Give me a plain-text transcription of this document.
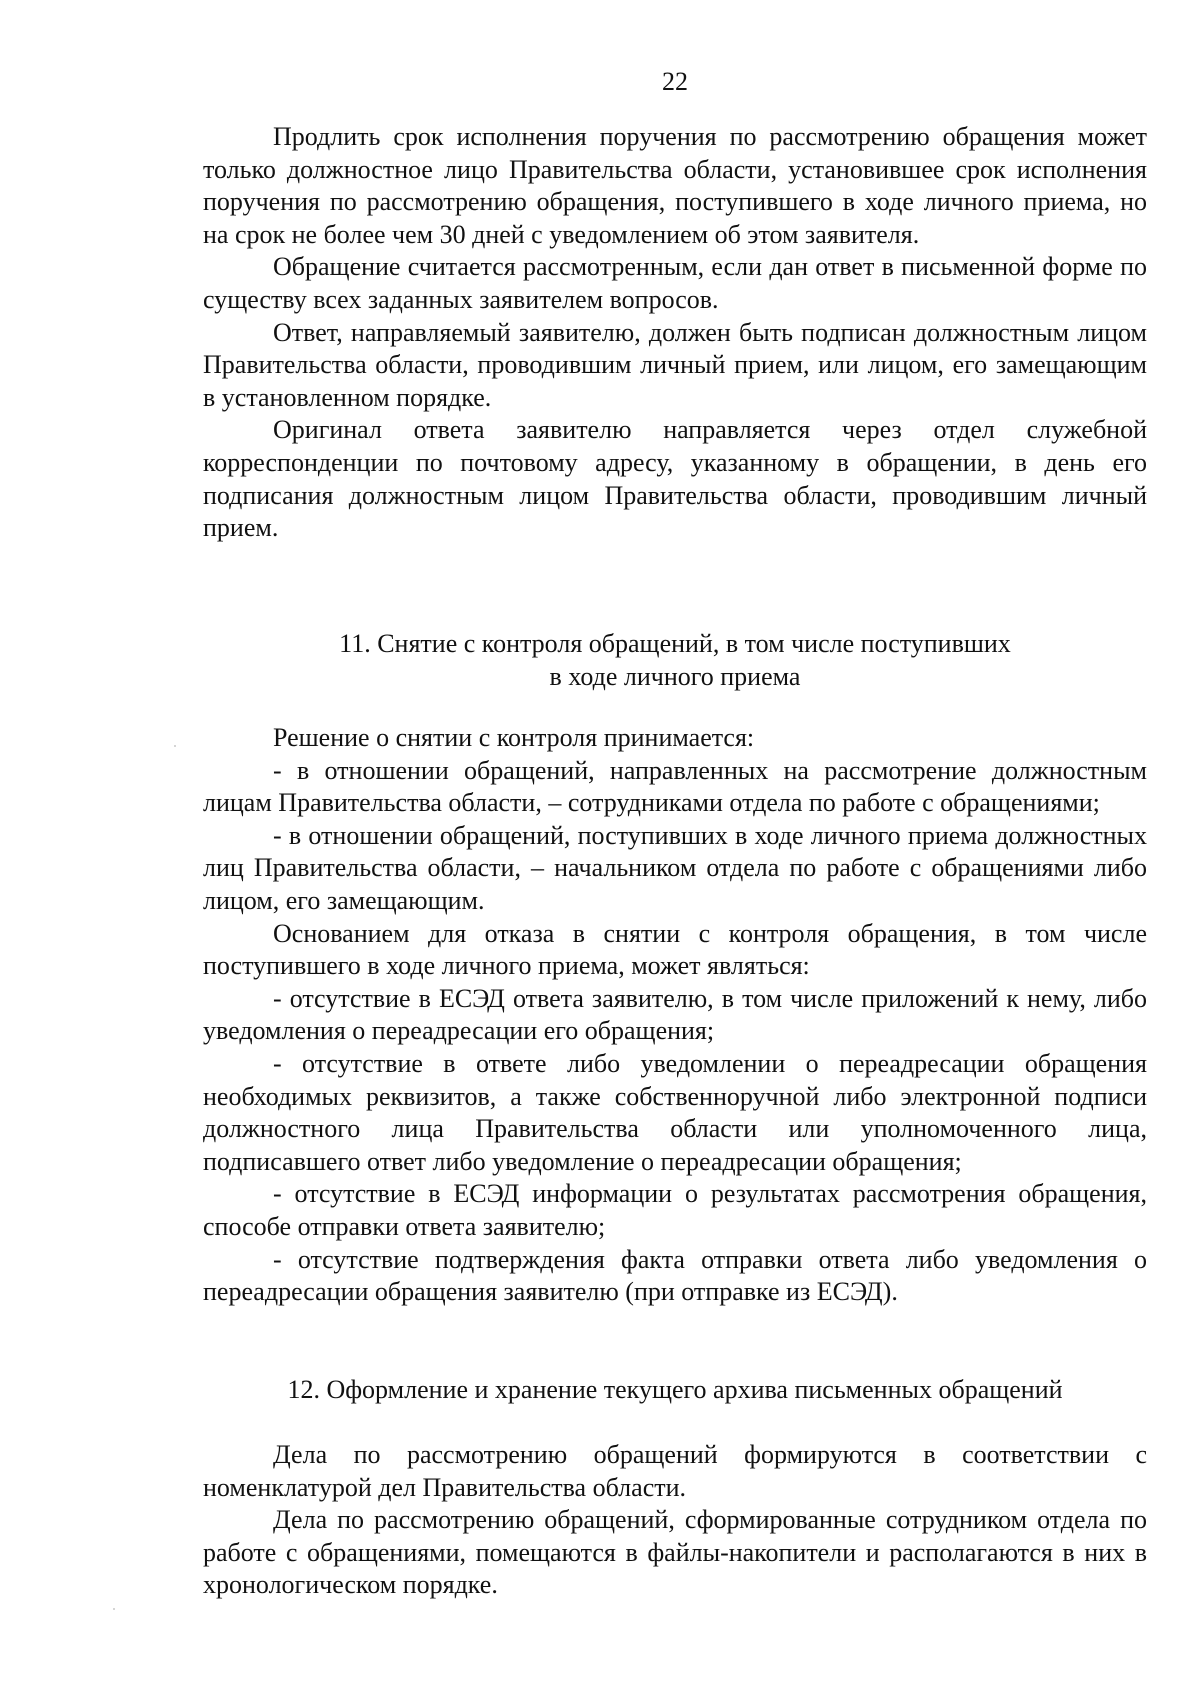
22

Продлить срок исполнения поручения по рассмотрению обращения может только должностное лицо Правительства области, установившее срок исполнения поручения по рассмотрению обращения, поступившего в ходе личного приема, но на срок не более чем 30 дней с уведомлением об этом заявителя.

Обращение считается рассмотренным, если дан ответ в письменной форме по существу всех заданных заявителем вопросов.

Ответ, направляемый заявителю, должен быть подписан должностным лицом Правительства области, проводившим личный прием, или лицом, его замещающим в установленном порядке.

Оригинал ответа заявителю направляется через отдел служебной корреспонденции по почтовому адресу, указанному в обращении, в день его подписания должностным лицом Правительства области, проводившим личный прием.

11. Снятие с контроля обращений, в том числе поступивших
в ходе личного приема

Решение о снятии с контроля принимается:

- в отношении обращений, направленных на рассмотрение должностным лицам Правительства области, – сотрудниками отдела по работе с обращениями;

- в отношении обращений, поступивших в ходе личного приема должностных лиц Правительства области, – начальником отдела по работе с обращениями либо лицом, его замещающим.

Основанием для отказа в снятии с контроля обращения, в том числе поступившего в ходе личного приема, может являться:

- отсутствие в ЕСЭД ответа заявителю, в том числе приложений к нему, либо уведомления о переадресации его обращения;

- отсутствие в ответе либо уведомлении о переадресации обращения необходимых реквизитов, а также собственноручной либо электронной подписи должностного лица Правительства области или уполномоченного лица, подписавшего ответ либо уведомление о переадресации обращения;

- отсутствие в ЕСЭД информации о результатах рассмотрения обращения, способе отправки ответа заявителю;

- отсутствие подтверждения факта отправки ответа либо уведомления о переадресации обращения заявителю (при отправке из ЕСЭД).

12. Оформление и хранение текущего архива письменных обращений

Дела по рассмотрению обращений формируются в соответствии с номенклатурой дел Правительства области.

Дела по рассмотрению обращений, сформированные сотрудником отдела по работе с обращениями, помещаются в файлы-накопители и располагаются в них в хронологическом порядке.
